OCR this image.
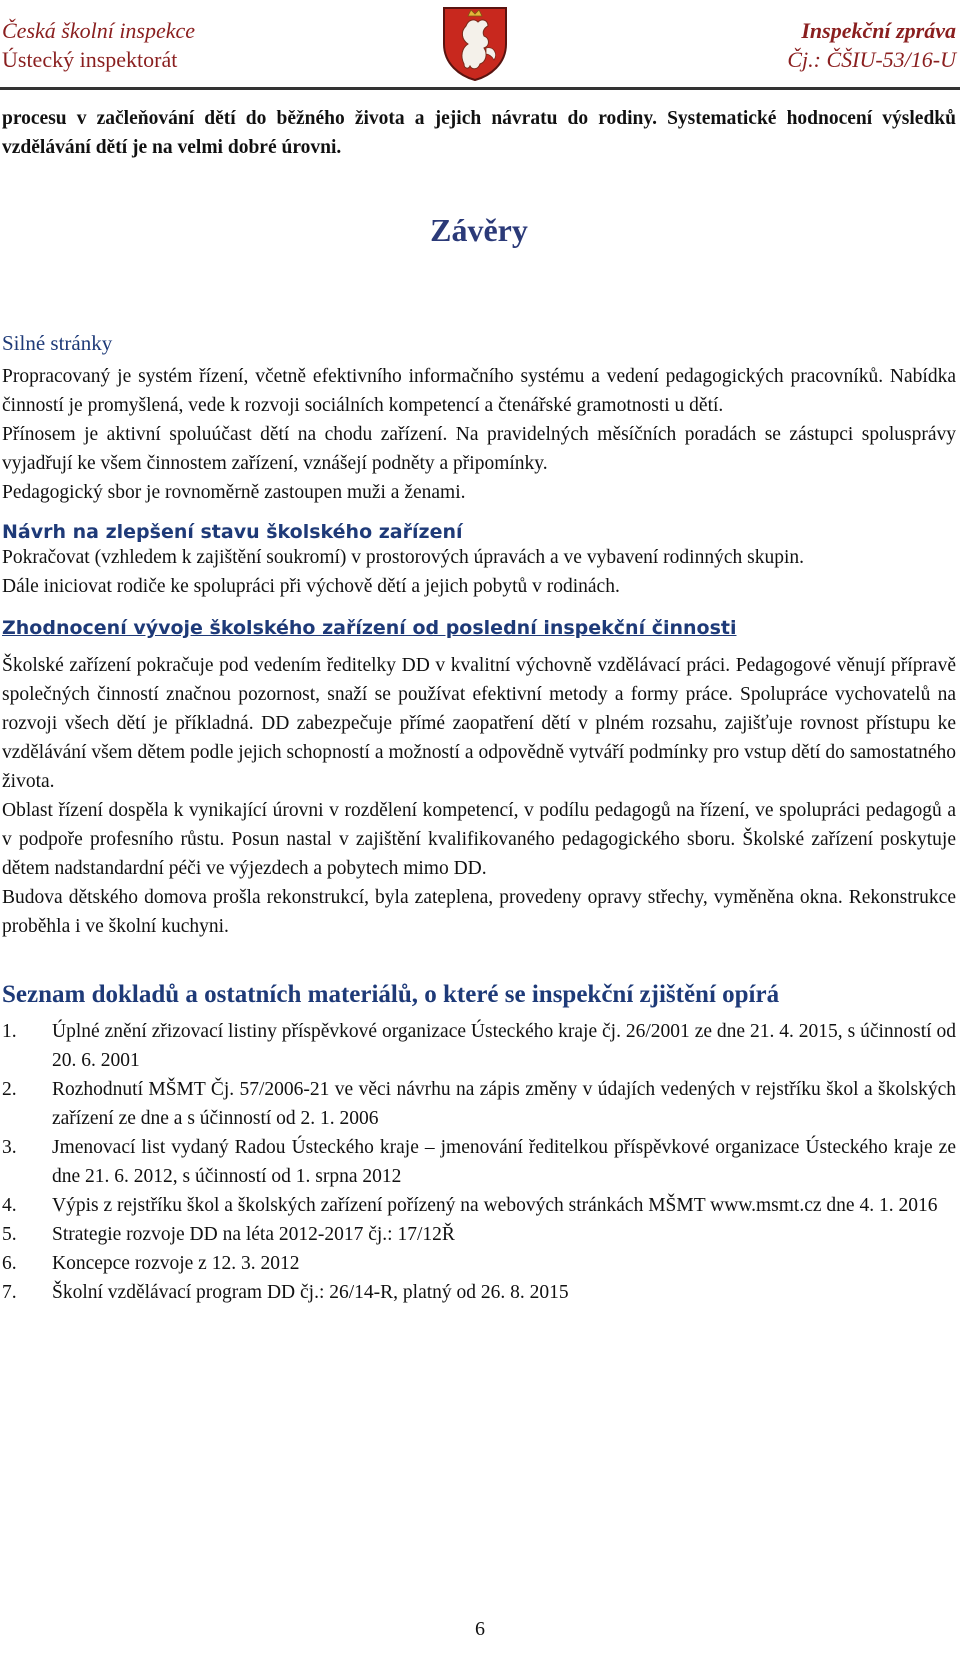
Česká školní inspekce
Ústecký inspektorát
Inspekční zpráva
Čj.: ČŠIU-53/16-U

procesu v začleňování dětí do běžného života a jejich návratu do rodiny. Systematické hodnocení výsledků vzdělávání dětí je na velmi dobré úrovni.

Závěry

Silné stránky

Propracovaný je systém řízení, včetně efektivního informačního systému a vedení pedagogických pracovníků. Nabídka činností je promyšlená, vede k rozvoji sociálních kompetencí a čtenářské gramotnosti u dětí.

Přínosem je aktivní spoluúčast dětí na chodu zařízení. Na pravidelných měsíčních poradách se zástupci spolusprávy vyjadřují ke všem činnostem zařízení, vznášejí podněty a připomínky.

Pedagogický sbor je rovnoměrně zastoupen muži a ženami.

Návrh na zlepšení stavu školského zařízení

Pokračovat (vzhledem k zajištění soukromí) v prostorových úpravách a ve vybavení rodinných skupin.

Dále iniciovat rodiče ke spolupráci při výchově dětí a jejich pobytů v rodinách.

Zhodnocení vývoje školského zařízení od poslední inspekční činnosti

Školské zařízení pokračuje pod vedením ředitelky DD v kvalitní výchovně vzdělávací práci. Pedagogové věnují přípravě společných činností značnou pozornost, snaží se používat efektivní metody a formy práce. Spolupráce vychovatelů na rozvoji všech dětí je příkladná. DD zabezpečuje přímé zaopatření dětí v plném rozsahu, zajišťuje rovnost přístupu ke vzdělávání všem dětem podle jejich schopností a možností a odpovědně vytváří podmínky pro vstup dětí do samostatného života.

Oblast řízení dospěla k vynikající úrovni v rozdělení kompetencí, v podílu pedagogů na řízení, ve spolupráci pedagogů a v podpoře profesního růstu. Posun nastal v zajištění kvalifikovaného pedagogického sboru. Školské zařízení poskytuje dětem nadstandardní péči ve výjezdech a pobytech mimo DD.

Budova dětského domova prošla rekonstrukcí, byla zateplena, provedeny opravy střechy, vyměněna okna. Rekonstrukce proběhla i ve školní kuchyni.

Seznam dokladů a ostatních materiálů, o které se inspekční zjištění opírá

1. Úplné znění zřizovací listiny příspěvkové organizace Ústeckého kraje čj. 26/2001 ze dne 21. 4. 2015, s účinností od 20. 6. 2001
2. Rozhodnutí MŠMT Čj. 57/2006-21 ve věci návrhu na zápis změny v údajích vedených v rejstříku škol a školských zařízení ze dne a s účinností od 2. 1. 2006
3. Jmenovací list vydaný Radou Ústeckého kraje – jmenování ředitelkou příspěvkové organizace Ústeckého kraje ze dne 21. 6. 2012, s účinností od 1. srpna 2012
4. Výpis z rejstříku škol a školských zařízení pořízený na webových stránkách MŠMT www.msmt.cz dne 4. 1. 2016
5. Strategie rozvoje DD na léta 2012-2017 čj.: 17/12Ř
6. Koncepce rozvoje z 12. 3. 2012
7. Školní vzdělávací program DD čj.: 26/14-R, platný od 26. 8. 2015
6
